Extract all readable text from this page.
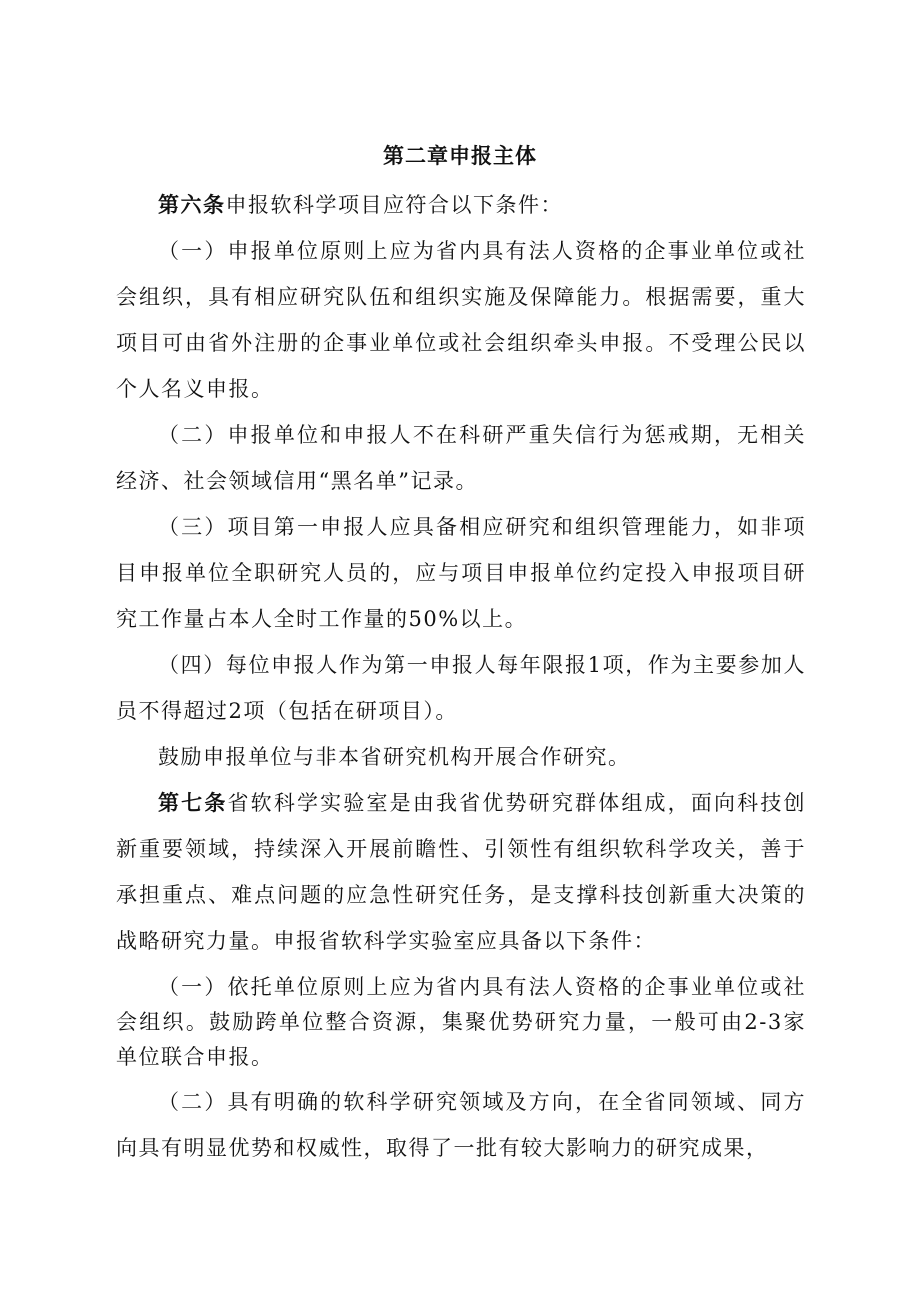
第二章申报主体

第六条申报软科学项目应符合以下条件：

（一）申报单位原则上应为省内具有法人资格的企事业单位或社会组织，具有相应研究队伍和组织实施及保障能力。根据需要，重大项目可由省外注册的企事业单位或社会组织牵头申报。不受理公民以个人名义申报。

（二）申报单位和申报人不在科研严重失信行为惩戒期，无相关经济、社会领域信用“黑名单”记录。

（三）项目第一申报人应具备相应研究和组织管理能力，如非项目申报单位全职研究人员的，应与项目申报单位约定投入申报项目研究工作量占本人全时工作量的50%以上。

（四）每位申报人作为第一申报人每年限报1项，作为主要参加人员不得超过2项（包括在研项目）。

鼓励申报单位与非本省研究机构开展合作研究。

第七条省软科学实验室是由我省优势研究群体组成，面向科技创新重要领域，持续深入开展前瞻性、引领性有组织软科学攻关，善于承担重点、难点问题的应急性研究任务，是支撑科技创新重大决策的战略研究力量。申报省软科学实验室应具备以下条件：

（一）依托单位原则上应为省内具有法人资格的企事业单位或社会组织。鼓励跨单位整合资源，集聚优势研究力量，一般可由2-3家单位联合申报。

（二）具有明确的软科学研究领域及方向，在全省同领域、同方向具有明显优势和权威性，取得了一批有较大影响力的研究成果，
